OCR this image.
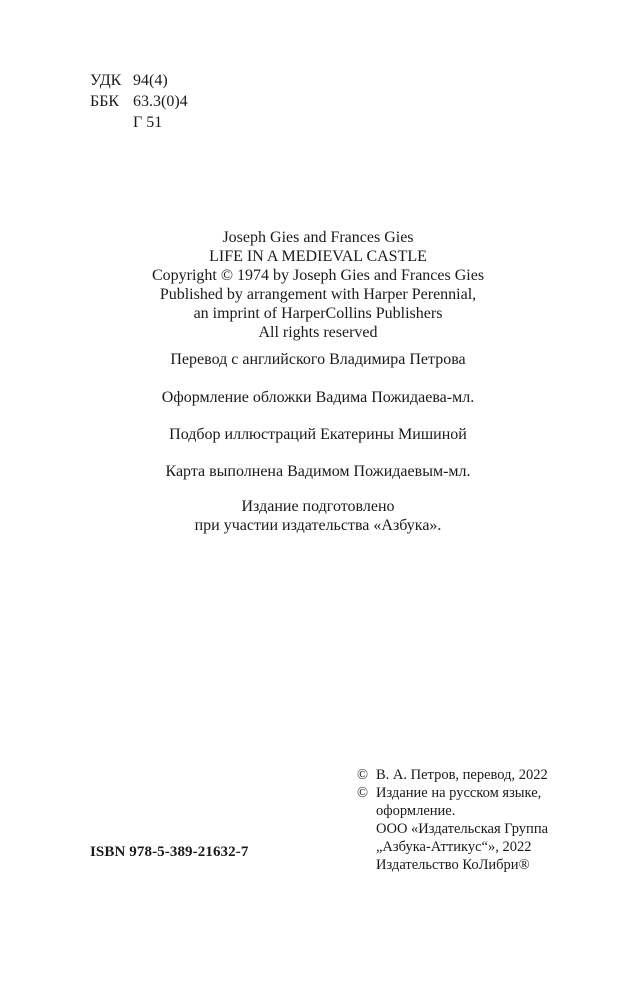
УДК 94(4)
ББК 63.3(0)4
Г 51
Joseph Gies and Frances Gies
LIFE IN A MEDIEVAL CASTLE
Copyright © 1974 by Joseph Gies and Frances Gies
Published by arrangement with Harper Perennial,
an imprint of HarperCollins Publishers
All rights reserved
Перевод с английского Владимира Петрова
Оформление обложки Вадима Пожидаева-мл.
Подбор иллюстраций Екатерины Мишиной
Карта выполнена Вадимом Пожидаевым-мл.
Издание подготовлено
при участии издательства «Азбука».
© В. А. Петров, перевод, 2022
© Издание на русском языке,
оформление.
ООО «Издательская Группа
„Азбука-Аттикус“», 2022
Издательство КоЛибри®
ISBN 978-5-389-21632-7
